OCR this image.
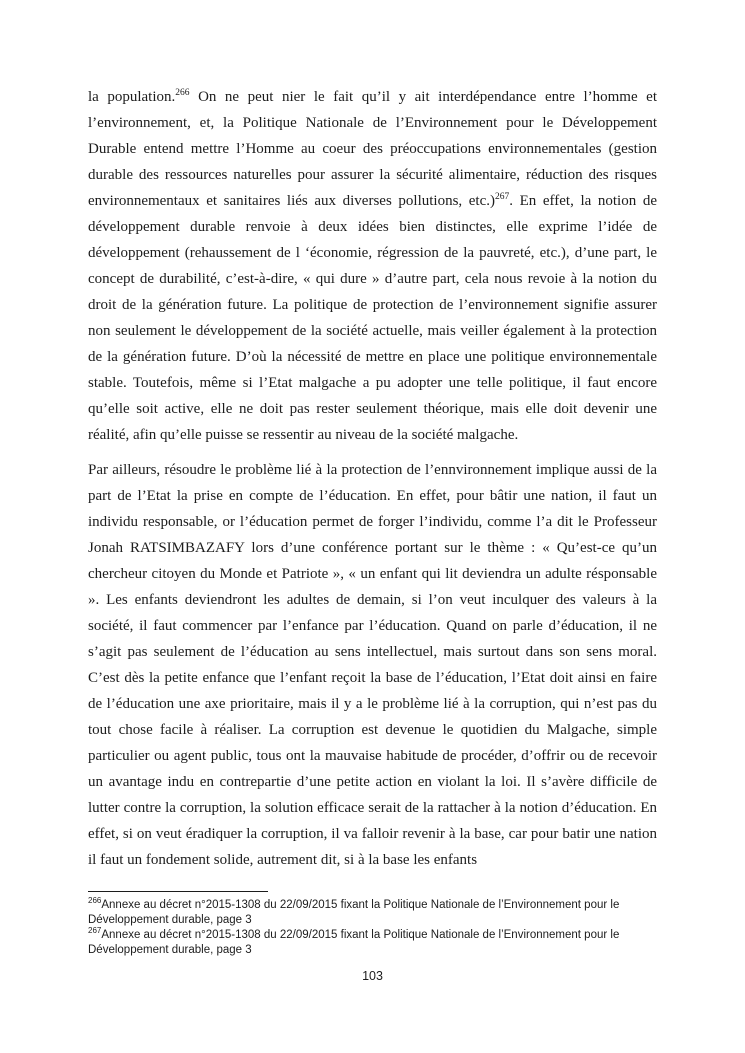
la population.$^{266}$ On ne peut nier le fait qu’il y ait interdépendance entre l’homme et l’environnement, et, la Politique Nationale de l’Environnement pour le Développement Durable entend mettre l’Homme au coeur des préoccupations environnementales (gestion durable des ressources naturelles pour assurer la sécurité alimentaire, réduction des risques environnementaux et sanitaires liés aux diverses pollutions, etc.)$^{267}$. En effet, la notion de développement durable renvoie à deux idées bien distinctes, elle exprime l’idée de développement (rehaussement de l ‘économie, régression de la pauvreté, etc.), d’une part, le concept de durabilité, c’est-à-dire, « qui dure » d’autre part, cela nous revoie à la notion du droit de la génération future. La politique de protection de l’environnement signifie assurer non seulement le développement de la société actuelle, mais veiller également à la protection de la génération future. D’où la nécessité de mettre en place une politique environnementale stable. Toutefois, même si l’Etat malgache a pu adopter une telle politique, il faut encore qu’elle soit active, elle ne doit pas rester seulement théorique, mais elle doit devenir une réalité, afin qu’elle puisse se ressentir au niveau de la société malgache.

Par ailleurs, résoudre le problème lié à la protection de l’ennvironnement implique aussi de la part de l’Etat la prise en compte de l’éducation. En effet, pour bâtir une nation, il faut un individu responsable, or l’éducation permet de forger l’individu, comme l’a dit le Professeur Jonah RATSIMBAZAFY lors d’une conférence portant sur le thème : « Qu’est-ce qu’un chercheur citoyen du Monde et Patriote », « un enfant qui lit deviendra un adulte résponsable ». Les enfants deviendront les adultes de demain, si l’on veut inculquer des valeurs à la société, il faut commencer par l’enfance par l’éducation. Quand on parle d’éducation, il ne s’agit pas seulement de l’éducation au sens intellectuel, mais surtout dans son sens moral. C’est dès la petite enfance que l’enfant reçoit la base de l’éducation, l’Etat doit ainsi en faire de l’éducation une axe prioritaire, mais il y a le problème lié à la corruption, qui n’est pas du tout chose facile à réaliser. La corruption est devenue le quotidien du Malgache, simple particulier ou agent public, tous ont la mauvaise habitude de procéder, d’offrir ou de recevoir un avantage indu en contrepartie d’une petite action en violant la loi. Il s’avère difficile de lutter contre la corruption, la solution efficace serait de la rattacher à la notion d’éducation. En effet, si on veut éradiquer la corruption, il va falloir revenir à la base, car pour batir une nation il faut un fondement solide, autrement dit, si à la base les enfants

$^{266}$Annexe au décret n°2015-1308 du 22/09/2015 fixant la Politique Nationale de l’Environnement pour le
Développement durable, page 3
$^{267}$Annexe au décret n°2015-1308 du 22/09/2015 fixant la Politique Nationale de l’Environnement pour le
Développement durable, page 3
103
